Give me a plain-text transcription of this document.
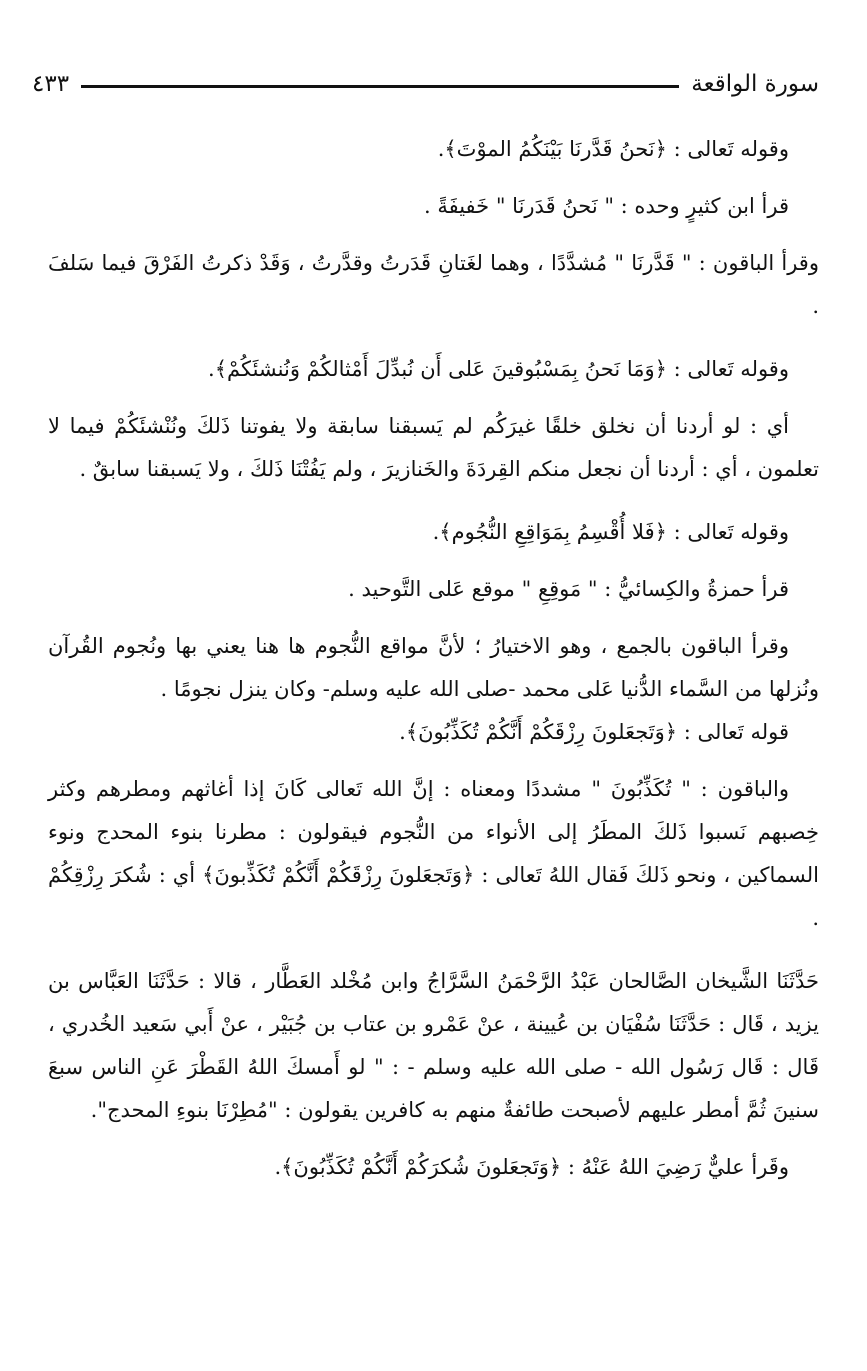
سورة الواقعة
٤٣٣

وقوله تَعالى : ﴿نَحنُ قَدَّرنَا بَيْنَكُمُ الموْتَ﴾.

قرأ ابن كثيرٍ وحده : " نَحنُ قَدَرنَا " خَفيفَةً .

وقرأ الباقون : " قَدَّرنَا " مُشدَّدًا ، وهما لغَتانِ قَدَرتُ وقدَّرتُ ، وَقَدْ ذكرتُ الفَرْقَ فيما سَلفَ .

وقوله تَعالى : ﴿وَمَا نَحنُ بِمَسْبُوقينَ عَلى أَن نُبدِّلَ أَمْثالكُمْ وَنُنشئَكُمْ﴾.

أي : لو أردنا أن نخلق خلقًا غيرَكُم لم يَسبقنا سابقة ولا يفوتنا ذَلكَ ونُنْشئَكُمْ فيما لا تعلمون ، أي : أردنا أن نجعل منكم القِردَةَ والخَنازيرَ ، ولم يَفُتْنَا ذَلكَ ، ولا يَسبقنا سابقٌ .

وقوله تَعالى : ﴿فَلا أُقْسِمُ بِمَوَاقِعِ النُّجُوم﴾.

قرأ حمزةُ والكِسائيُّ : " مَوقِعِ " موقع عَلى التَّوحيد .

وقرأ الباقون بالجمع ، وهو الاختيارُ ؛ لأنَّ مواقع النُّجوم ها هنا يعني بها ونُجوم القُرآن ونُزلها من السَّماء الدُّنيا عَلى محمد -صلى الله عليه وسلم- وكان ينزل نجومًا .

قوله تَعالى : ﴿وَتَجعَلونَ رِزْقَكُمْ أَنَّكُمْ تُكَذِّبُونَ﴾.

والباقون : " تُكَذِّبُونَ " مشددًا ومعناه : إنَّ الله تَعالى كَانَ إذا أغاثهم ومطرهم وكثر خِصبهم نَسبوا ذَلكَ المطَرُ إلى الأنواء من النُّجوم فيقولون : مطرنا بنوء المحدج ونوء السماكين ، ونحو ذَلكَ فَقال اللهُ تَعالى : ﴿وَتَجعَلونَ رِزْقَكُمْ أَنَّكُمْ تُكَذِّبونَ﴾ أي : شُكرَ رِزْقِكُمْ .

حَدَّثَنَا الشَّيخان الصَّالحان عَبْدُ الرَّحْمَنُ السَّرَّاجُ وابن مُخْلد العَطَّار ، قالا : حَدَّثَنَا العَبَّاس بن يزيد ، قَال : حَدَّثَنَا سُفْيَان بن عُيينة ، عنْ عَمْرو بن عتاب بن جُبَيْر ، عنْ أَبي سَعيد الخُدري ، قَال : قَال رَسُول الله - صلى الله عليه وسلم - : " لو أَمسكَ اللهُ القَطْرَ عَنِ الناس سبعَ سنينَ ثُمَّ أمطر عليهم لأصبحت طائفةٌ منهم به كافرين يقولون : "مُطِرْنَا بنوءِ المحدج".

وقَرأ عليٌّ رَضِيَ اللهُ عَنْهُ : ﴿وَتَجعَلونَ شُكرَكُمْ أَنَّكُمْ تُكَذِّبُونَ﴾.
